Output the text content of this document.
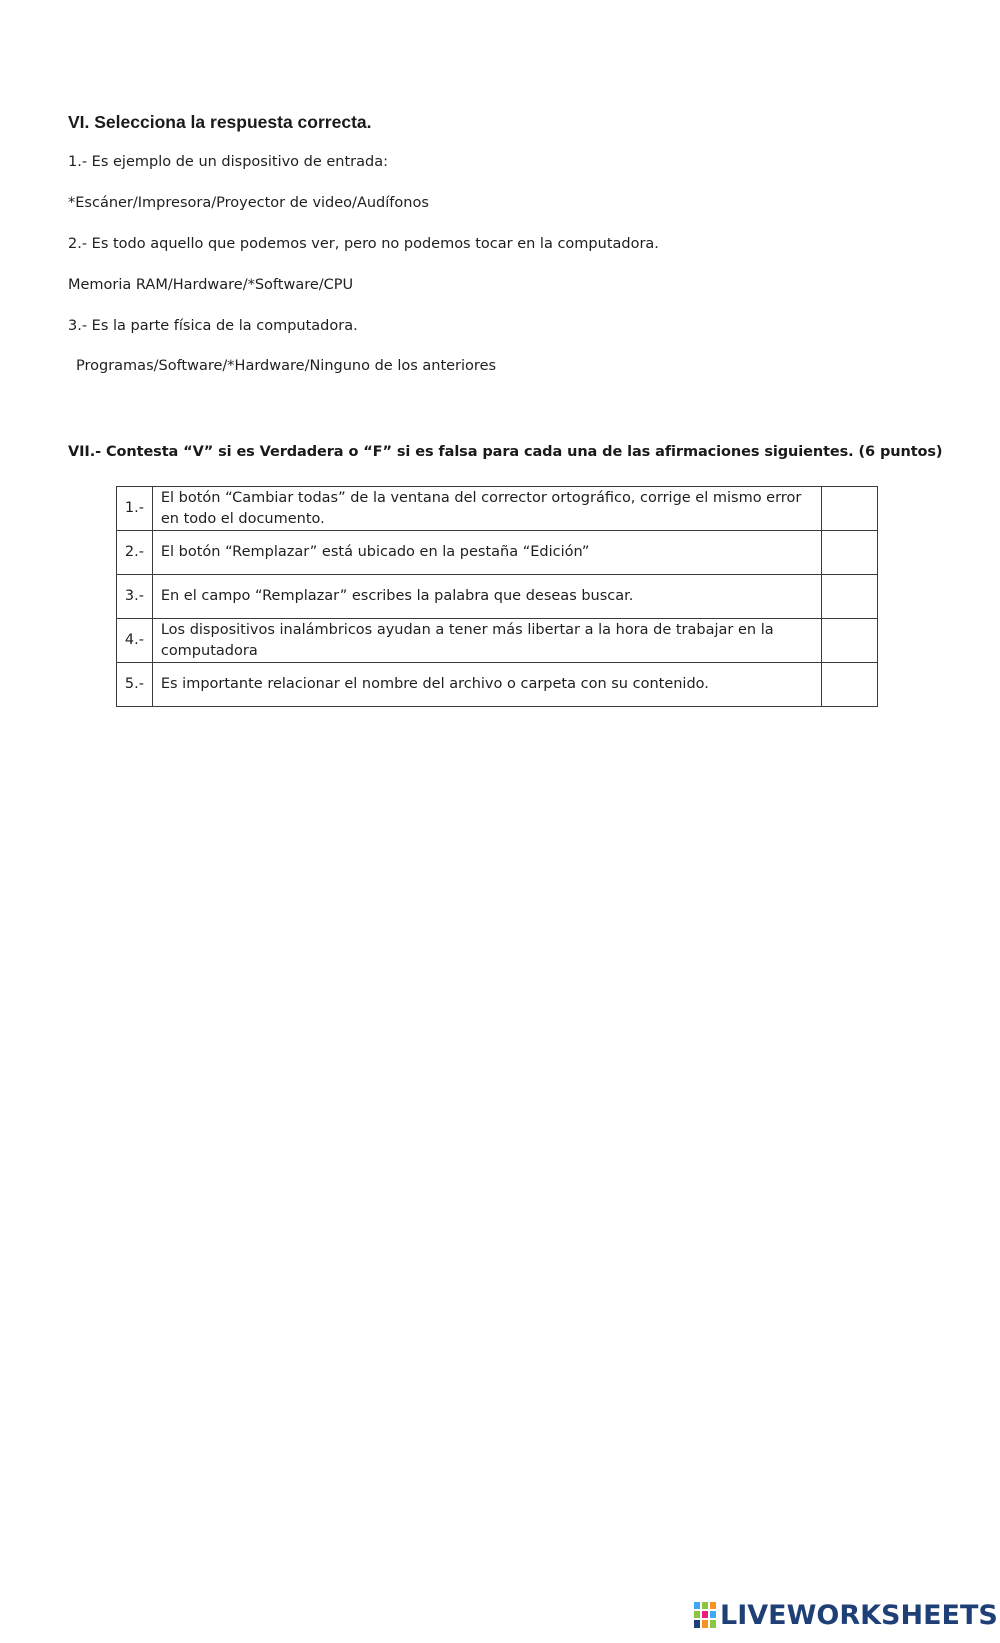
VI. Selecciona la respuesta correcta.
1.- Es ejemplo de un dispositivo de entrada:
*Escáner/Impresora/Proyector de video/Audífonos
2.- Es todo aquello que podemos ver, pero no podemos tocar en la computadora.
Memoria RAM/Hardware/*Software/CPU
3.- Es la parte física de la computadora.
Programas/Software/*Hardware/Ninguno de los anteriores
VII.- Contesta “V” si es Verdadera o “F” si es falsa para cada una de las afirmaciones siguientes. (6 puntos)
1.-	El botón “Cambiar todas” de la ventana del corrector ortográfico, corrige el mismo error en todo el documento.	
2.-	El botón “Remplazar” está ubicado en la pestaña “Edición”	
3.-	En el campo “Remplazar” escribes la palabra que deseas buscar.	
4.-	Los dispositivos inalámbricos ayudan a tener más libertar a la hora de trabajar en la computadora	
5.-	Es importante relacionar el nombre del archivo o carpeta con su contenido.	
LIVEWORKSHEETS
